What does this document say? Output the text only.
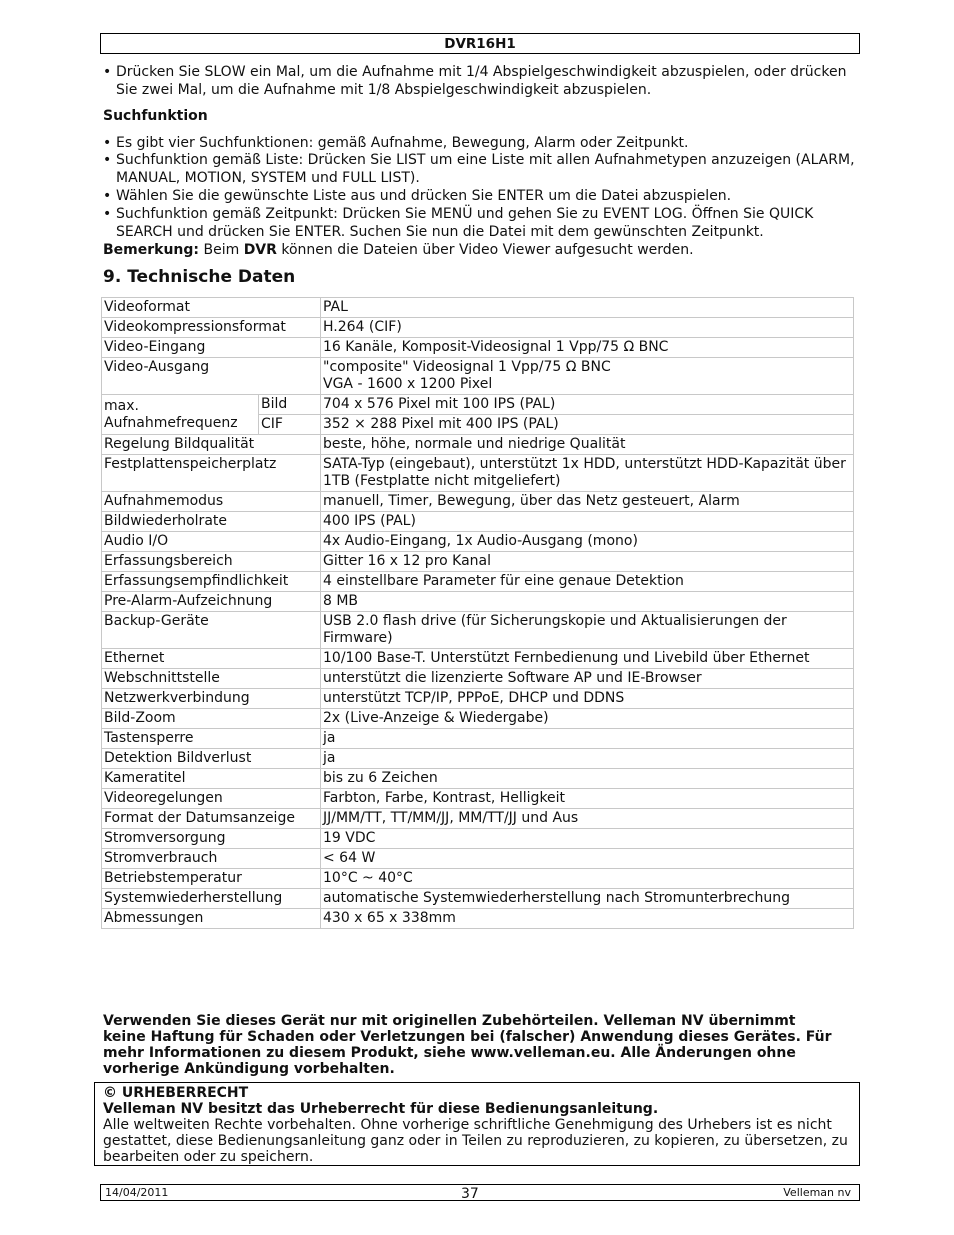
DVR16H1
• Drücken Sie SLOW ein Mal, um die Aufnahme mit 1/4 Abspielgeschwindigkeit abzuspielen, oder drücken Sie zwei Mal, um die Aufnahme mit 1/8 Abspielgeschwindigkeit abzuspielen.
Suchfunktion
• Es gibt vier Suchfunktionen: gemäß Aufnahme, Bewegung, Alarm oder Zeitpunkt.
• Suchfunktion gemäß Liste: Drücken Sie LIST um eine Liste mit allen Aufnahmetypen anzuzeigen (ALARM, MANUAL, MOTION, SYSTEM und FULL LIST).
• Wählen Sie die gewünschte Liste aus und drücken Sie ENTER um die Datei abzuspielen.
• Suchfunktion gemäß Zeitpunkt: Drücken Sie MENÜ und gehen Sie zu EVENT LOG. Öffnen Sie QUICK SEARCH und drücken Sie ENTER. Suchen Sie nun die Datei mit dem gewünschten Zeitpunkt.
Bemerkung: Beim DVR können die Dateien über Video Viewer aufgesucht werden.
9. Technische Daten
Videoformat		PAL

Videokompressionsformat		H.264 (CIF)

Video-Eingang		16 Kanäle, Komposit-Videosignal 1 Vpp/75 Ω BNC

Video-Ausgang		"composite" Videosignal 1 Vpp/75 Ω BNC
VGA - 1600 x 1200 Pixel

max. Aufnahmefrequenz	Bild	704 x 576 Pixel mit 100 IPS (PAL)
	CIF	352 × 288 Pixel mit 400 IPS (PAL)
Regelung Bildqualität		beste, höhe, normale und niedrige Qualität

Festplattenspeicherplatz		SATA-Typ (eingebaut), unterstützt 1x HDD, unterstützt HDD-Kapazität über 1TB (Festplatte nicht mitgeliefert)

Aufnahmemodus		manuell, Timer, Bewegung, über das Netz gesteuert, Alarm

Bildwiederholrate		400 IPS (PAL)

Audio I/O		4x Audio-Eingang, 1x Audio-Ausgang (mono)

Erfassungsbereich		Gitter 16 x 12 pro Kanal

Erfassungsempfindlichkeit		4 einstellbare Parameter für eine genaue Detektion

Pre-Alarm-Aufzeichnung		8 MB

Backup-Geräte		USB 2.0 flash drive (für Sicherungskopie und Aktualisierungen der Firmware)

Ethernet		10/100 Base-T. Unterstützt Fernbedienung und Livebild über Ethernet

Webschnittstelle		unterstützt die lizenzierte Software AP und IE-Browser

Netzwerkverbindung		unterstützt TCP/IP, PPPoE, DHCP und DDNS

Bild-Zoom		2x (Live-Anzeige & Wiedergabe)

Tastensperre		ja

Detektion Bildverlust		ja

Kameratitel		bis zu 6 Zeichen

Videoregelungen		Farbton, Farbe, Kontrast, Helligkeit

Format der Datumsanzeige		JJ/MM/TT, TT/MM/JJ, MM/TT/JJ und Aus

Stromversorgung		19 VDC

Stromverbrauch		< 64 W

Betriebstemperatur		10°C ~ 40°C

Systemwiederherstellung		automatische Systemwiederherstellung nach Stromunterbrechung

Abmessungen		430 x 65 x 338mm
Verwenden Sie dieses Gerät nur mit originellen Zubehörteilen. Velleman NV übernimmt keine Haftung für Schaden oder Verletzungen bei (falscher) Anwendung dieses Gerätes. Für mehr Informationen zu diesem Produkt, siehe www.velleman.eu. Alle Änderungen ohne vorherige Ankündigung vorbehalten.
© URHEBERRECHT
Velleman NV besitzt das Urheberrecht für diese Bedienungsanleitung.
Alle weltweiten Rechte vorbehalten. Ohne vorherige schriftliche Genehmigung des Urhebers ist es nicht gestattet, diese Bedienungsanleitung ganz oder in Teilen zu reproduzieren, zu kopieren, zu übersetzen, zu bearbeiten oder zu speichern.
14/04/2011	37	Velleman nv
